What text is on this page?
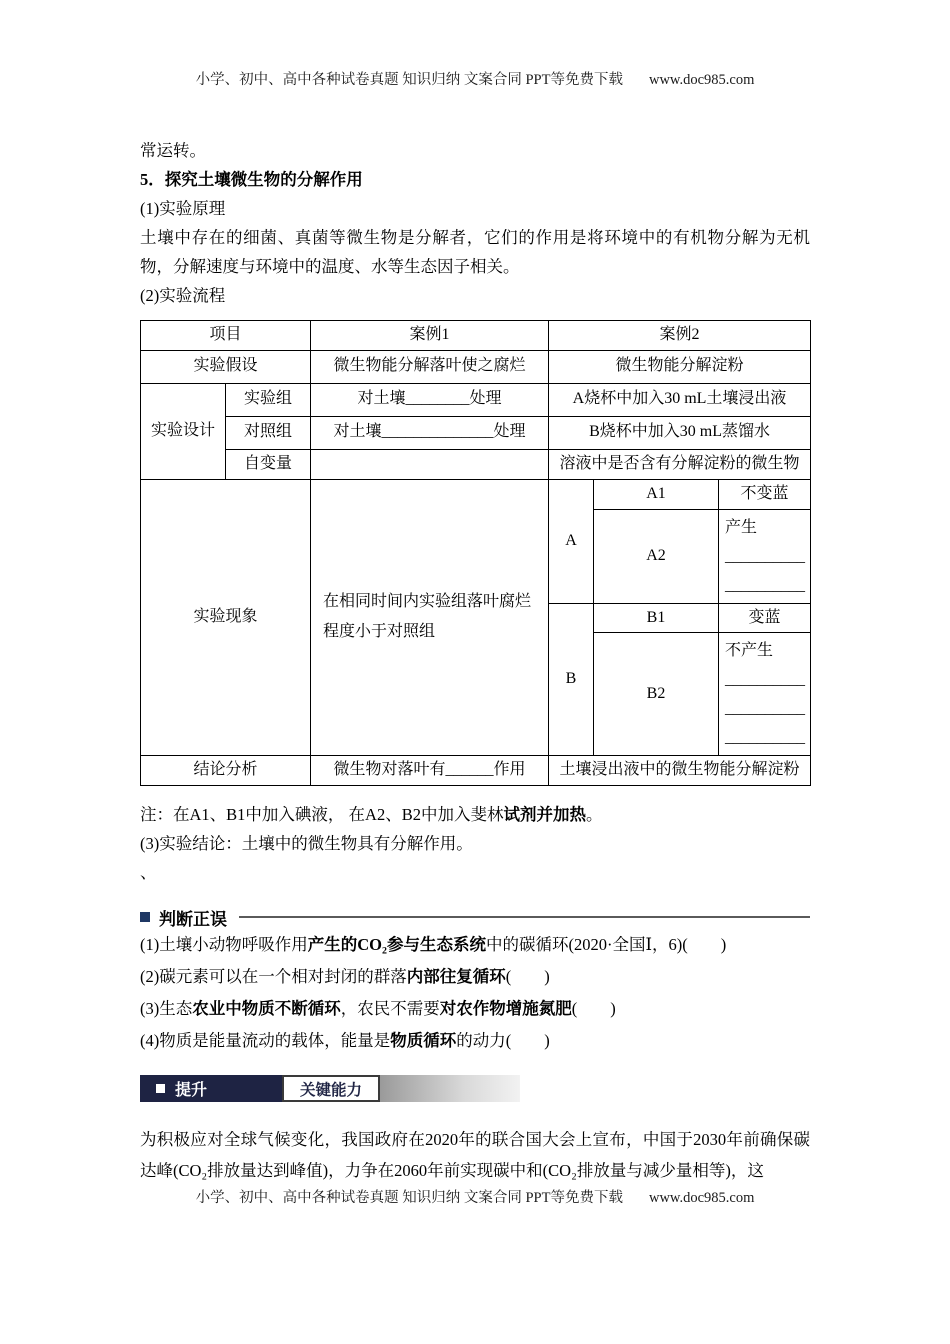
小学、初中、高中各种试卷真题 知识归纳 文案合同 PPT等免费下载 www.doc985.com

常运转。

5．探究土壤微生物的分解作用

(1)实验原理

土壤中存在的细菌、真菌等微生物是分解者，它们的作用是将环境中的有机物分解为无机物，分解速度与环境中的温度、水等生态因子相关。

(2)实验流程

项目		案例1	案例2		
实验假设		微生物能分解落叶使之腐烂	微生物能分解淀粉		
实验设计	实验组	对土壤________处理	A烧杯中加入30 mL土壤浸出液		
	对照组	对土壤______________处理	B烧杯中加入30 mL蒸馏水		
	自变量		溶液中是否含有分解淀粉的微生物		
实验现象		在相同时间内实验组落叶腐烂程度小于对照组	A	A1	不变蓝
				A2	产生
__________
__________

			B	B1	变蓝
				B2	不产生
__________
__________
__________

结论分析		微生物对落叶有______作用	土壤浸出液中的微生物能分解淀粉		

注：在A1、B1中加入碘液， 在A2、B2中加入斐林试剂并加热。

(3)实验结论：土壤中的微生物具有分解作用。

、

判断正误

(1)土壤小动物呼吸作用产生的CO₂参与生态系统中的碳循环(2020·全国Ⅰ，6)(　　)

(2)碳元素可以在一个相对封闭的群落内部往复循环(　　)

(3)生态农业中物质不断循环，农民不需要对农作物增施氮肥(　　)

(4)物质是能量流动的载体，能量是物质循环的动力(　　)

提升	关键能力

为积极应对全球气候变化，我国政府在2020年的联合国大会上宣布，中国于2030年前确保碳达峰(CO₂排放量达到峰值)，力争在2060年前实现碳中和(CO₂排放量与减少量相等)，这

小学、初中、高中各种试卷真题 知识归纳 文案合同 PPT等免费下载 www.doc985.com
